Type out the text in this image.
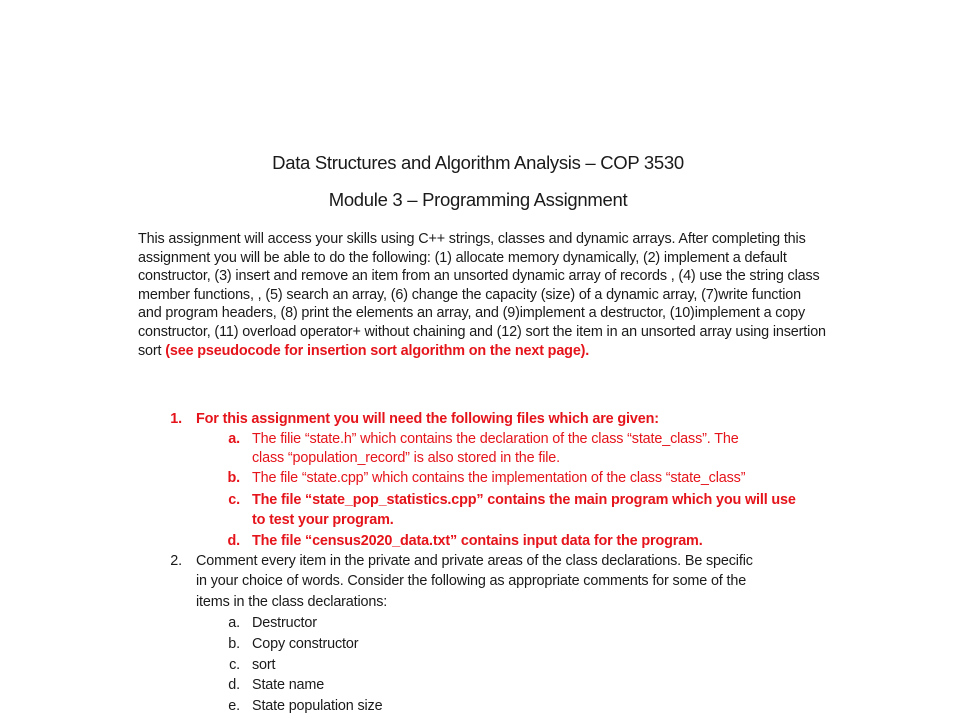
Data Structures and Algorithm Analysis – COP 3530
Module 3 – Programming Assignment

This assignment will access your skills using C++ strings, classes and dynamic arrays. After completing this assignment you will be able to do the following: (1) allocate memory dynamically, (2) implement a default constructor, (3) insert and remove an item from an unsorted dynamic array of records , (4) use the string class member functions, , (5) search an array, (6) change the capacity (size) of a dynamic array, (7)write function and program headers, (8) print the elements an array, and (9)implement a destructor, (10)implement a copy constructor, (11) overload operator+ without chaining and (12) sort the item in an unsorted array using insertion sort (see pseudocode for insertion sort algorithm on the next page).

1. For this assignment you will need the following files which are given:
a. The filie “state.h” which contains the declaration of the class “state_class”. The
class “population_record” is also stored in the file.
b. The file “state.cpp” which contains the implementation of the class “state_class”
c. The file “state_pop_statistics.cpp” contains the main program which you will use
to test your program.
d. The file “census2020_data.txt” contains input data for the program.
2. Comment every item in the private and private areas of the class declarations. Be specific
in your choice of words. Consider the following as appropriate comments for some of the
items in the class declarations:
a. Destructor
b. Copy constructor
c. sort
d. State name
e. State population size
